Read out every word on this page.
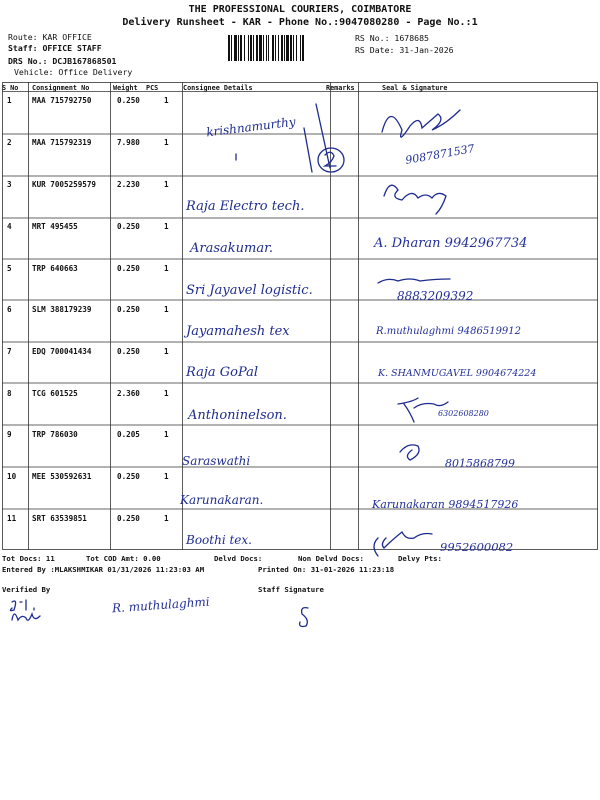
THE PROFESSIONAL COURIERS, COIMBATORE
Delivery Runsheet - KAR - Phone No.:9047080280 - Page No.:1
Route: KAR OFFICE
Staff: OFFICE STAFF
DRS No.: DCJB167868501
Vehicle: Office Delivery
RS No.: 1678685
RS Date: 31-Jan-2026
S No Consignment No	Weight PCS	Consignee Details	Remarks	Seal & Signature
1	MAA 715792750	0.250	1
krishnamurthy
9087871537
2	MAA 715792319	7.980	1
3	KUR 7005259579	2.230	1
Raja Electro tech.
4	MRT 495455	0.250	1
Arasakumar.	A. Dharan 9942967734
5	TRP 640663	0.250	1
Sri Jayavel logistic.	8883209392
6	SLM 388179239	0.250	1
Jayamahesh tex	R.muthulaghmi 9486519912
7	EDQ 700041434	0.250	1
Raja GoPal	K. SHANMUGAVEL 9904674224
8	TCG 601525	2.360	1
Anthoninelson.	6302608280
9	TRP 786030	0.205	1
Saraswathi	8015868799
10 MEE 530592631	0.250	1
Karunakaran.	Karunakaran 9894517926
11 SRT 63539851	0.250	1
Boothi tex.	9952600082
Tot Docs: 11	Tot COD Amt: 0.00	Delvd Docs:	Non Delvd Docs:	Delvy Pts:
Entered By :MLAKSHMIKAR 01/31/2026 11:23:03 AM	Printed On: 31-01-2026 11:23:18
Verified By	Staff Signature
R. muthulaghmi
